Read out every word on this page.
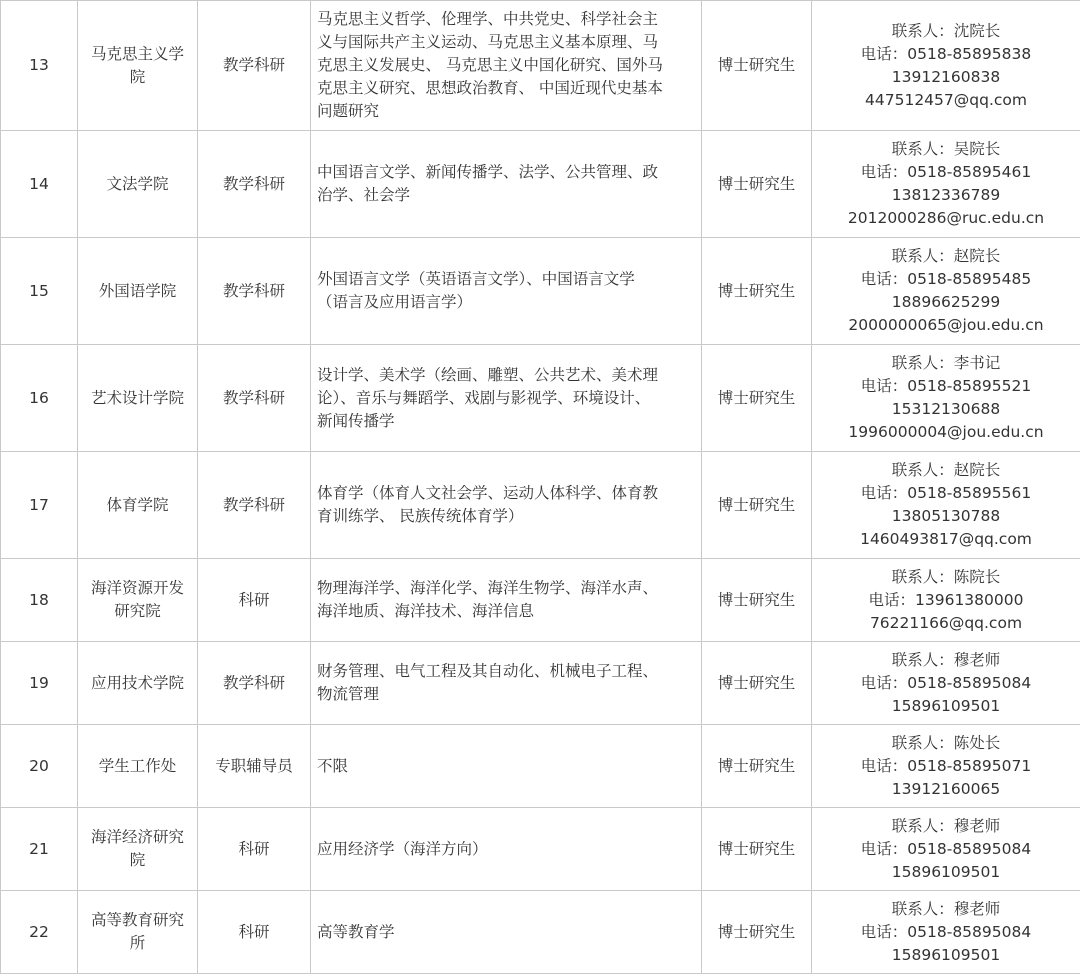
13	马克思主义学
院	教学科研	马克思主义哲学、伦理学、中共党史、科学社会主
义与国际共产主义运动、马克思主义基本原理、马
克思主义发展史、 马克思主义中国化研究、国外马
克思主义研究、思想政治教育、 中国近现代史基本
问题研究	博士研究生	联系人：沈院长
电话：0518-85895838
13912160838
447512457@qq.com

14	文法学院	教学科研	中国语言文学、新闻传播学、法学、公共管理、政
治学、社会学	博士研究生	联系人：吴院长
电话：0518-85895461
13812336789
2012000286@ruc.edu.cn

15	外国语学院	教学科研	外国语言文学（英语语言文学）、中国语言文学
（语言及应用语言学）	博士研究生	联系人：赵院长
电话：0518-85895485
18896625299
2000000065@jou.edu.cn

16	艺术设计学院	教学科研	设计学、美术学（绘画、雕塑、公共艺术、美术理
论）、音乐与舞蹈学、戏剧与影视学、环境设计、
新闻传播学	博士研究生	联系人：李书记
电话：0518-85895521
15312130688
1996000004@jou.edu.cn

17	体育学院	教学科研	体育学（体育人文社会学、运动人体科学、体育教
育训练学、 民族传统体育学）	博士研究生	联系人：赵院长
电话：0518-85895561
13805130788
1460493817@qq.com

18	海洋资源开发
研究院	科研	物理海洋学、海洋化学、海洋生物学、海洋水声、
海洋地质、海洋技术、海洋信息	博士研究生	联系人：陈院长
电话：13961380000
76221166@qq.com

19	应用技术学院	教学科研	财务管理、电气工程及其自动化、机械电子工程、
物流管理	博士研究生	联系人：穆老师
电话：0518-85895084
15896109501

20	学生工作处	专职辅导员	不限	博士研究生	联系人：陈处长
电话：0518-85895071
13912160065

21	海洋经济研究
院	科研	应用经济学（海洋方向）	博士研究生	联系人：穆老师
电话：0518-85895084
15896109501

22	高等教育研究
所	科研	高等教育学	博士研究生	联系人：穆老师
电话：0518-85895084
15896109501
